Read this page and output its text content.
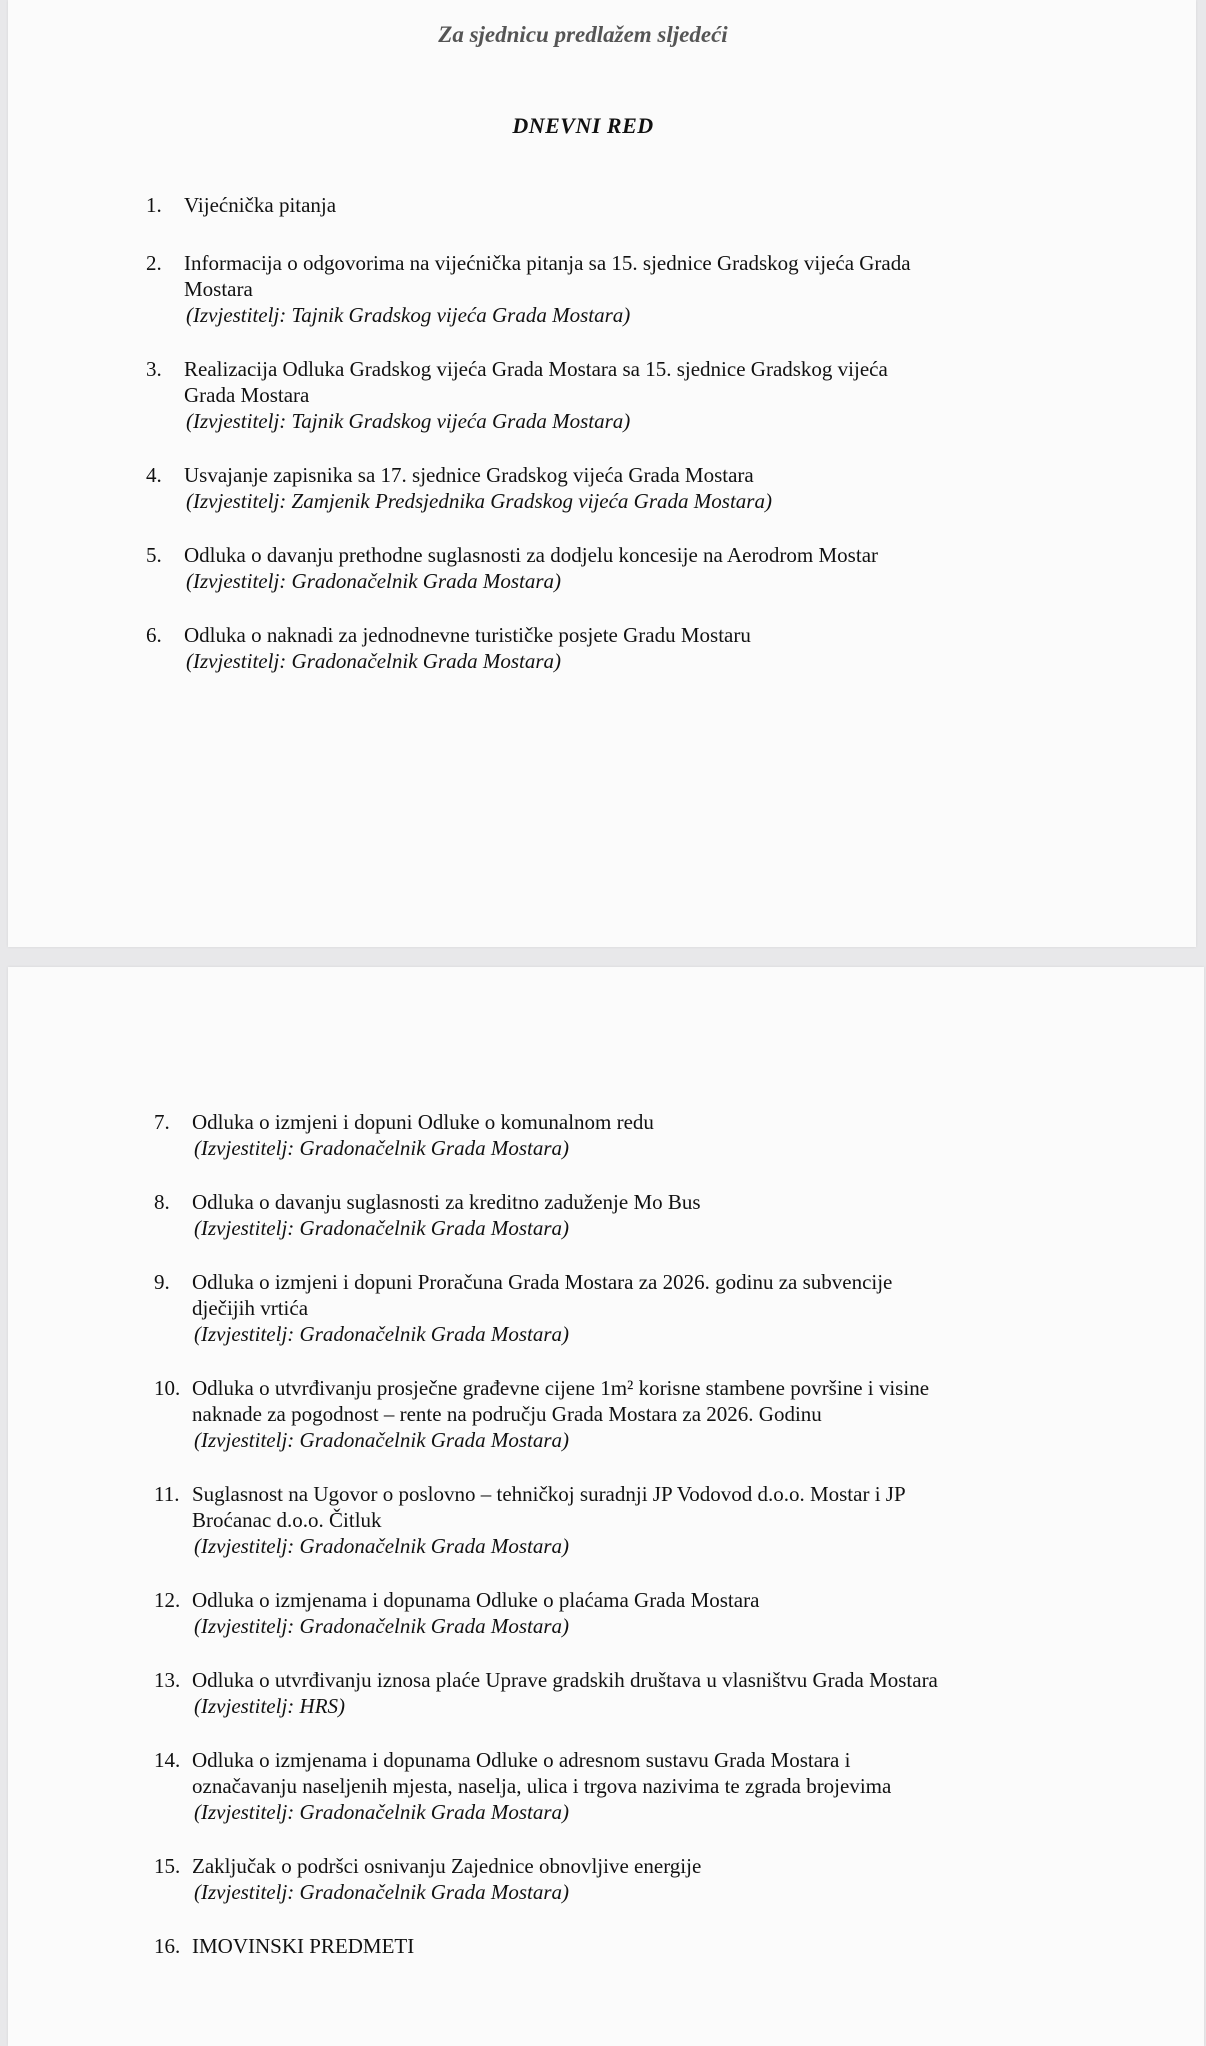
Za sjednicu predlažem sljedeći
DNEVNI RED
1.	Vijećnička pitanja
2.	Informacija o odgovorima na vijećnička pitanja sa 15. sjednice Gradskog vijeća Grada
Mostara
(Izvjestitelj: Tajnik Gradskog vijeća Grada Mostara)
3.	Realizacija Odluka Gradskog vijeća Grada Mostara sa 15. sjednice Gradskog vijeća
Grada Mostara
(Izvjestitelj: Tajnik Gradskog vijeća Grada Mostara)
4.	Usvajanje zapisnika sa 17. sjednice Gradskog vijeća Grada Mostara
(Izvjestitelj: Zamjenik Predsjednika Gradskog vijeća Grada Mostara)
5.	Odluka o davanju prethodne suglasnosti za dodjelu koncesije na Aerodrom Mostar
(Izvjestitelj: Gradonačelnik Grada Mostara)
6.	Odluka o naknadi za jednodnevne turističke posjete Gradu Mostaru
(Izvjestitelj: Gradonačelnik Grada Mostara)
7.	Odluka o izmjeni i dopuni Odluke o komunalnom redu
(Izvjestitelj: Gradonačelnik Grada Mostara)
8.	Odluka o davanju suglasnosti za kreditno zaduženje Mo Bus
(Izvjestitelj: Gradonačelnik Grada Mostara)
9.	Odluka o izmjeni i dopuni Proračuna Grada Mostara za 2026. godinu za subvencije
dječijih vrtića
(Izvjestitelj: Gradonačelnik Grada Mostara)
10. Odluka o utvrđivanju prosječne građevne cijene 1m² korisne stambene površine i visine
naknade za pogodnost – rente na području Grada Mostara za 2026. Godinu
(Izvjestitelj: Gradonačelnik Grada Mostara)
11. Suglasnost na Ugovor o poslovno – tehničkoj suradnji JP Vodovod d.o.o. Mostar i JP
Broćanac d.o.o. Čitluk
(Izvjestitelj: Gradonačelnik Grada Mostara)
12. Odluka o izmjenama i dopunama Odluke o plaćama Grada Mostara
(Izvjestitelj: Gradonačelnik Grada Mostara)
13. Odluka o utvrđivanju iznosa plaće Uprave gradskih društava u vlasništvu Grada Mostara
(Izvjestitelj: HRS)
14. Odluka o izmjenama i dopunama Odluke o adresnom sustavu Grada Mostara i
označavanju naseljenih mjesta, naselja, ulica i trgova nazivima te zgrada brojevima
(Izvjestitelj: Gradonačelnik Grada Mostara)
15. Zaključak o podršci osnivanju Zajednice obnovljive energije
(Izvjestitelj: Gradonačelnik Grada Mostara)
16. IMOVINSKI PREDMETI
